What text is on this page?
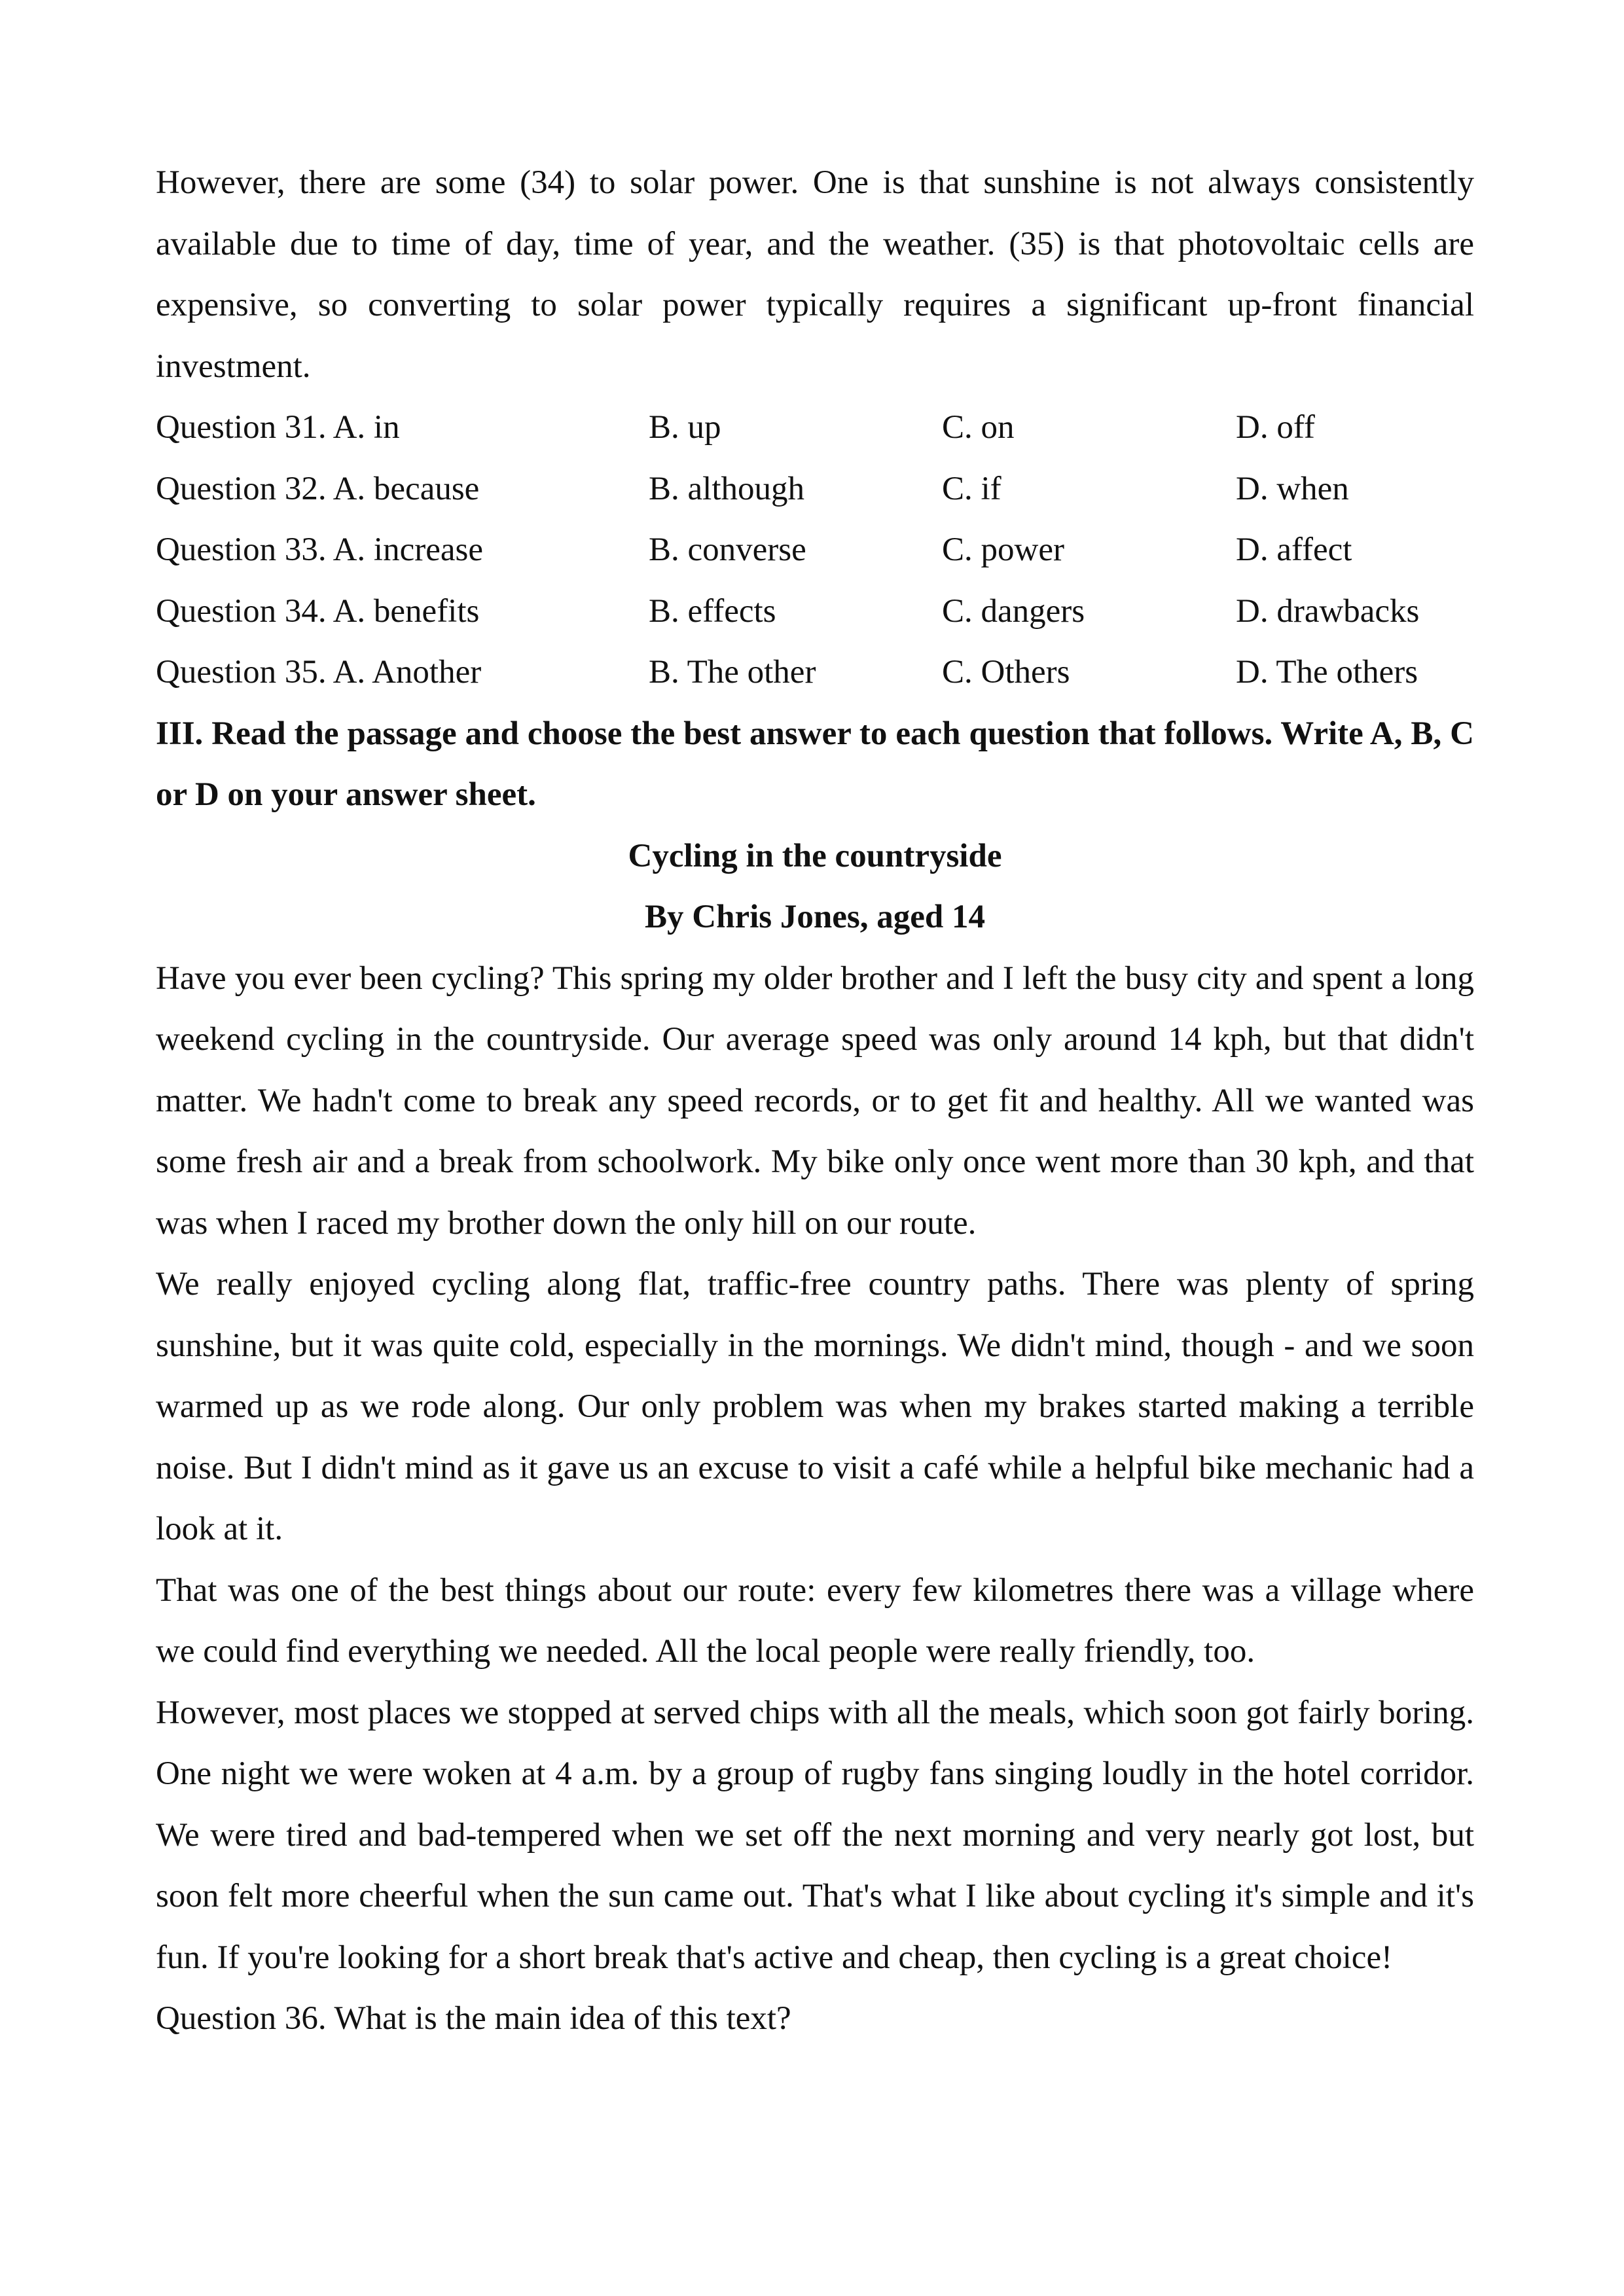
However, there are some (34) to solar power. One is that sunshine is not always consistently available due to time of day, time of year, and the weather. (35) is that photovoltaic cells are expensive, so converting to solar power typically requires a significant up-front financial investment.

Question 31. A. in	B. up	C. on	D. off
Question 32. A. because	B. although	C. if	D. when
Question 33. A. increase	B. converse	C. power	D. affect
Question 34. A. benefits	B. effects	C. dangers	D. drawbacks
Question 35. A. Another	B. The other	C. Others	D. The others

III. Read the passage and choose the best answer to each question that follows. Write A, B, C or D on your answer sheet.

Cycling in the countryside

By Chris Jones, aged 14

Have you ever been cycling? This spring my older brother and I left the busy city and spent a long weekend cycling in the countryside. Our average speed was only around 14 kph, but that didn't matter. We hadn't come to break any speed records, or to get fit and healthy. All we wanted was some fresh air and a break from schoolwork. My bike only once went more than 30 kph, and that was when I raced my brother down the only hill on our route.

We really enjoyed cycling along flat, traffic-free country paths. There was plenty of spring sunshine, but it was quite cold, especially in the mornings. We didn't mind, though - and we soon warmed up as we rode along. Our only problem was when my brakes started making a terrible noise. But I didn't mind as it gave us an excuse to visit a café while a helpful bike mechanic had a look at it.

That was one of the best things about our route: every few kilometres there was a village where we could find everything we needed. All the local people were really friendly, too.

However, most places we stopped at served chips with all the meals, which soon got fairly boring. One night we were woken at 4 a.m. by a group of rugby fans singing loudly in the hotel corridor. We were tired and bad-tempered when we set off the next morning and very nearly got lost, but soon felt more cheerful when the sun came out. That's what I like about cycling it's simple and it's fun. If you're looking for a short break that's active and cheap, then cycling is a great choice!

Question 36. What is the main idea of this text?
